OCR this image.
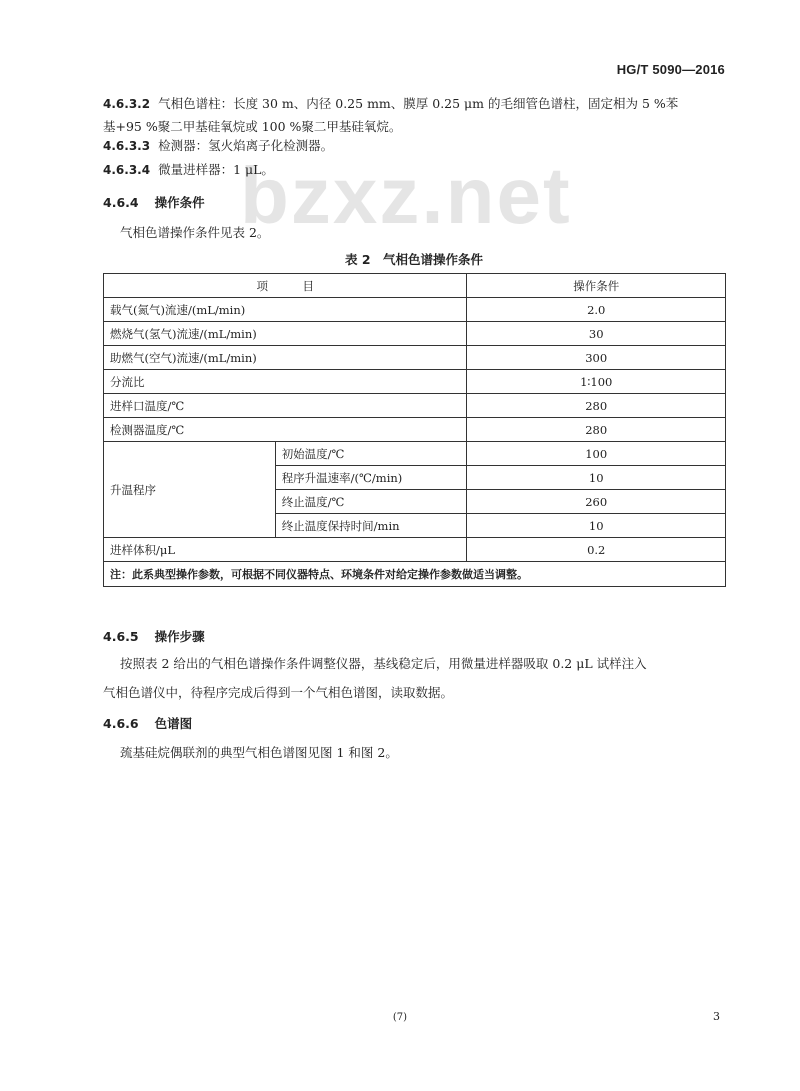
HG/T 5090—2016
bzxz.net
4.6.3.2 气相色谱柱：长度 30 m、内径 0.25 mm、膜厚 0.25 μm 的毛细管色谱柱，固定相为 5 %苯
基+95 %聚二甲基硅氧烷或 100 %聚二甲基硅氧烷。
4.6.3.3 检测器：氢火焰离子化检测器。
4.6.3.4 微量进样器：1 μL。
4.6.4 操作条件
气相色谱操作条件见表 2。
表 2　气相色谱操作条件
项　　　目		操作条件
载气(氮气)流速/(mL/min)		2.0
燃烧气(氢气)流速/(mL/min)		30
助燃气(空气)流速/(mL/min)		300
分流比		1∶100
进样口温度/℃		280
检测器温度/℃		280
升温程序	初始温度/℃	100
	程序升温速率/(℃/min)	10
	终止温度/℃	260
	终止温度保持时间/min	10
进样体积/μL		0.2
注：此系典型操作参数，可根据不同仪器特点、环境条件对给定操作参数做适当调整。		
4.6.5 操作步骤
按照表 2 给出的气相色谱操作条件调整仪器，基线稳定后，用微量进样器吸取 0.2 μL 试样注入
气相色谱仪中，待程序完成后得到一个气相色谱图，读取数据。
4.6.6 色谱图
巯基硅烷偶联剂的典型气相色谱图见图 1 和图 2。
(7)	3
